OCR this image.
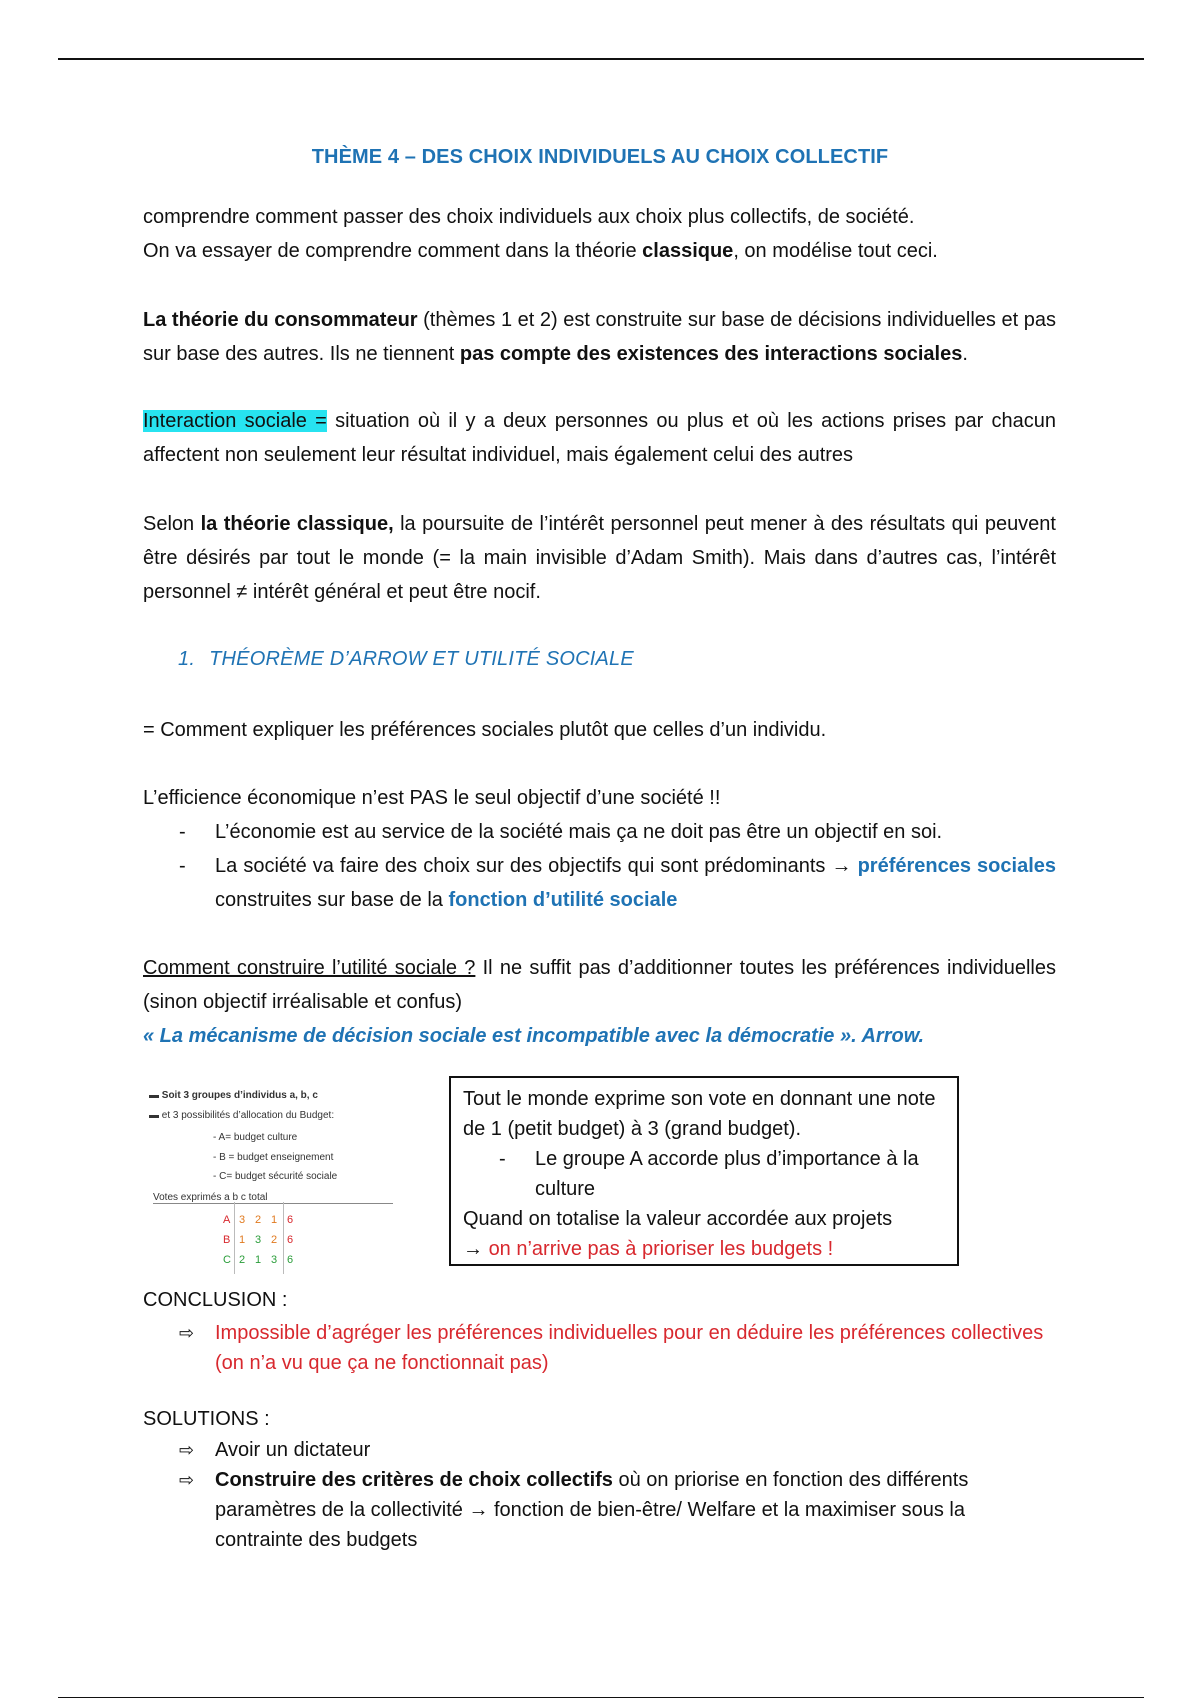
THÈME 4 – DES CHOIX INDIVIDUELS AU CHOIX COLLECTIF
comprendre comment passer des choix individuels aux choix plus collectifs, de société.
On va essayer de comprendre comment dans la théorie classique, on modélise tout ceci.
La théorie du consommateur (thèmes 1 et 2) est construite sur base de décisions individuelles et pas sur base des autres. Ils ne tiennent pas compte des existences des interactions sociales.
Interaction sociale = situation où il y a deux personnes ou plus et où les actions prises par chacun affectent non seulement leur résultat individuel, mais également celui des autres
Selon la théorie classique, la poursuite de l’intérêt personnel peut mener à des résultats qui peuvent être désirés par tout le monde (= la main invisible d’Adam Smith). Mais dans d’autres cas, l’intérêt personnel ≠ intérêt général et peut être nocif.
1. THÉORÈME D’ARROW ET UTILITÉ SOCIALE
= Comment expliquer les préférences sociales plutôt que celles d’un individu.
L’efficience économique n’est PAS le seul objectif d’une société !!
- L’économie est au service de la société mais ça ne doit pas être un objectif en soi.
- La société va faire des choix sur des objectifs qui sont prédominants → préférences sociales construites sur base de la fonction d’utilité sociale
Comment construire l’utilité sociale ? Il ne suffit pas d’additionner toutes les préférences individuelles (sinon objectif irréalisable et confus)
« La mécanisme de décision sociale est incompatible avec la démocratie ». Arrow.
▬ Soit 3 groupes d’individus a, b, c
▬ et 3 possibilités d’allocation du Budget:
- A= budget culture
- B = budget enseignement
- C= budget sécurité sociale
Votes exprimés a b c total
A 3 2 1 6
B 1 3 2 6
C 2 1 3 6
Tout le monde exprime son vote en donnant une note de 1 (petit budget) à 3 (grand budget).
- Le groupe A accorde plus d’importance à la culture
Quand on totalise la valeur accordée aux projets
→ on n’arrive pas à prioriser les budgets !
CONCLUSION :
⇨ Impossible d’agréger les préférences individuelles pour en déduire les préférences collectives (on n’a vu que ça ne fonctionnait pas)
SOLUTIONS :
⇨ Avoir un dictateur
⇨ Construire des critères de choix collectifs où on priorise en fonction des différents paramètres de la collectivité → fonction de bien-être/ Welfare et la maximiser sous la contrainte des budgets
